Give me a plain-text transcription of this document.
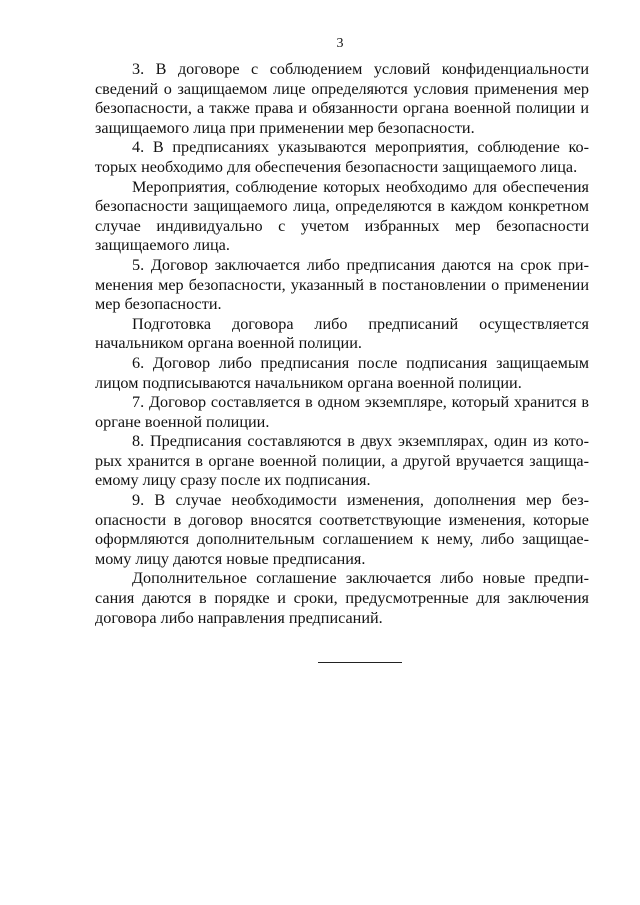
3

3. В договоре с соблюдением условий конфиденциальности сведений о защищаемом лице определяются условия применения мер безопасности, а также права и обязанности органа военной полиции и защищаемого лица при применении мер безопасности.

4. В предписаниях указываются мероприятия, соблюдение которых необходимо для обеспечения безопасности защищаемого лица.

Мероприятия, соблюдение которых необходимо для обеспечения безопасности защищаемого лица, определяются в каждом конкретном случае индивидуально с учетом избранных мер безопасности защищаемого лица.

5. Договор заключается либо предписания даются на срок применения мер безопасности, указанный в постановлении о применении мер безопасности.

Подготовка договора либо предписаний осуществляется начальником органа военной полиции.

6. Договор либо предписания после подписания защищаемым лицом подписываются начальником органа военной полиции.

7. Договор составляется в одном экземпляре, который хранится в органе военной полиции.

8. Предписания составляются в двух экземплярах, один из которых хранится в органе военной полиции, а другой вручается защищаемому лицу сразу после их подписания.

9. В случае необходимости изменения, дополнения мер безопасности в договор вносятся соответствующие изменения, которые оформляются дополнительным соглашением к нему, либо защищаемому лицу даются новые предписания.

Дополнительное соглашение заключается либо новые предписания даются в порядке и сроки, предусмотренные для заключения договора либо направления предписаний.
